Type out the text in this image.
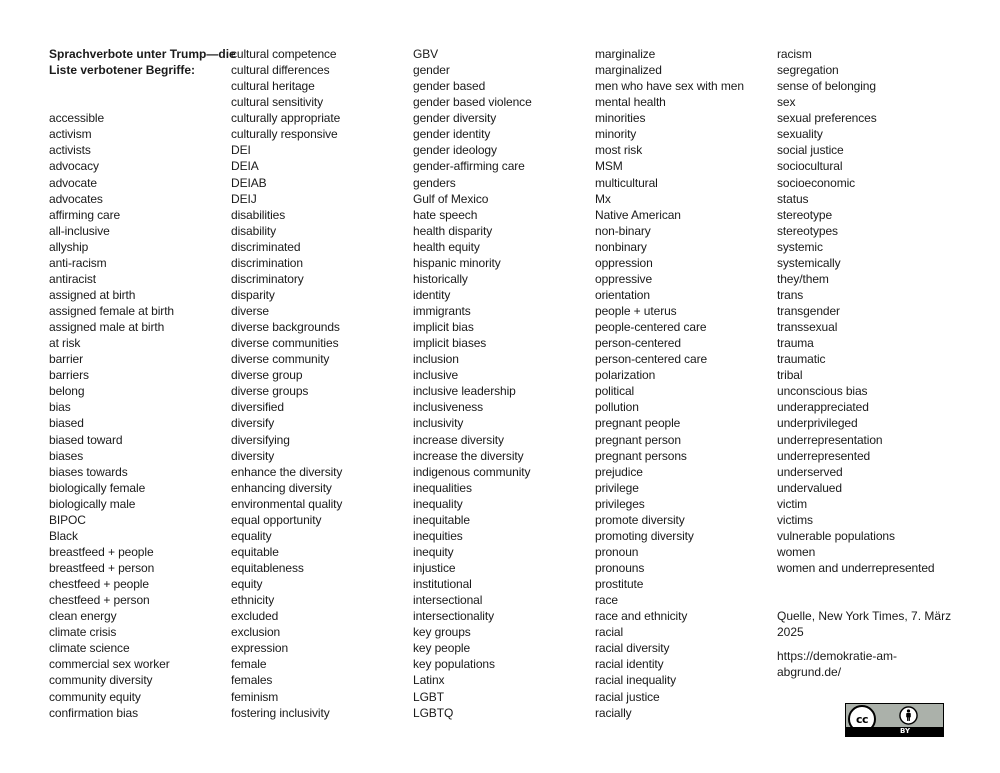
Sprachverbote unter Trump—die
Liste verbotener Begriffe:
accessible
activism
activists
advocacy
advocate
advocates
affirming care
all-inclusive
allyship
anti-racism
antiracist
assigned at birth
assigned female at birth
assigned male at birth
at risk
barrier
barriers
belong
bias
biased
biased toward
biases
biases towards
biologically female
biologically male
BIPOC
Black
breastfeed + people
breastfeed + person
chestfeed + people
chestfeed + person
clean energy
climate crisis
climate science
commercial sex worker
community diversity
community equity
confirmation bias
cultural competence
cultural differences
cultural heritage
cultural sensitivity
culturally appropriate
culturally responsive
DEI
DEIA
DEIAB
DEIJ
disabilities
disability
discriminated
discrimination
discriminatory
disparity
diverse
diverse backgrounds
diverse communities
diverse community
diverse group
diverse groups
diversified
diversify
diversifying
diversity
enhance the diversity
enhancing diversity
environmental quality
equal opportunity
equality
equitable
equitableness
equity
ethnicity
excluded
exclusion
expression
female
females
feminism
fostering inclusivity
GBV
gender
gender based
gender based violence
gender diversity
gender identity
gender ideology
gender-affirming care
genders
Gulf of Mexico
hate speech
health disparity
health equity
hispanic minority
historically
identity
immigrants
implicit bias
implicit biases
inclusion
inclusive
inclusive leadership
inclusiveness
inclusivity
increase diversity
increase the diversity
indigenous community
inequalities
inequality
inequitable
inequities
inequity
injustice
institutional
intersectional
intersectionality
key groups
key people
key populations
Latinx
LGBT
LGBTQ
marginalize
marginalized
men who have sex with men
mental health
minorities
minority
most risk
MSM
multicultural
Mx
Native American
non-binary
nonbinary
oppression
oppressive
orientation
people + uterus
people-centered care
person-centered
person-centered care
polarization
political
pollution
pregnant people
pregnant person
pregnant persons
prejudice
privilege
privileges
promote diversity
promoting diversity
pronoun
pronouns
prostitute
race
race and ethnicity
racial
racial diversity
racial identity
racial inequality
racial justice
racially
racism
segregation
sense of belonging
sex
sexual preferences
sexuality
social justice
sociocultural
socioeconomic
status
stereotype
stereotypes
systemic
systemically
they/them
trans
transgender
transsexual
trauma
traumatic
tribal
unconscious bias
underappreciated
underprivileged
underrepresentation
underrepresented
underserved
undervalued
victim
victims
vulnerable populations
women
women and underrepresented
Quelle, New York Times, 7. März
2025
https://demokratie-am-
abgrund.de/
cc
BY
